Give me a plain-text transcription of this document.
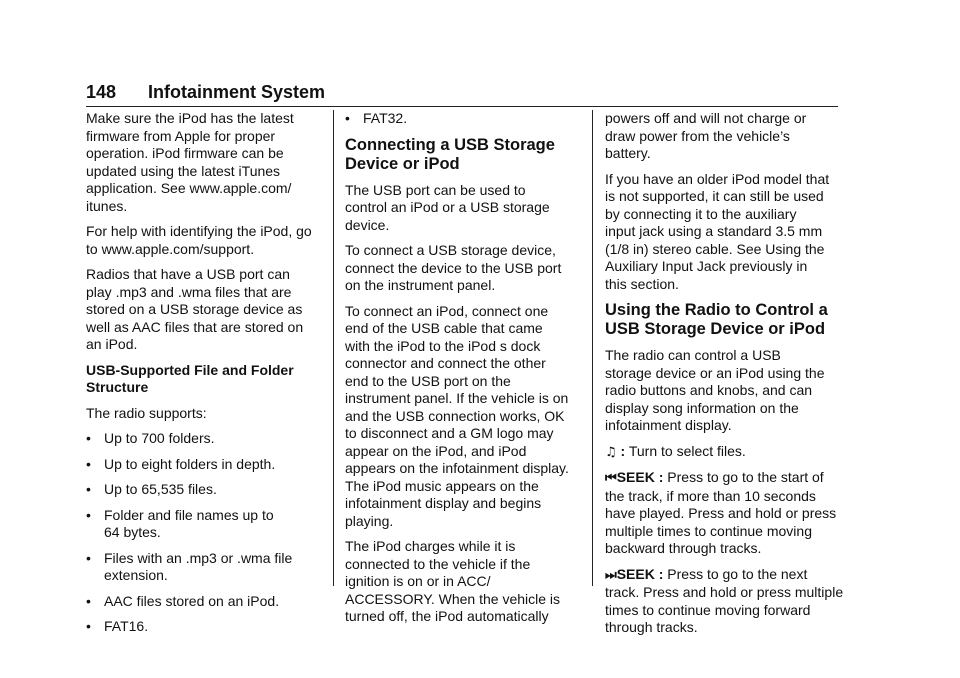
148 Infotainment System

Make sure the iPod has the latest
firmware from Apple for proper
operation. iPod firmware can be
updated using the latest iTunes
application. See www.apple.com/
itunes.

For help with identifying the iPod, go
to www.apple.com/support.

Radios that have a USB port can
play .mp3 and .wma files that are
stored on a USB storage device as
well as AAC files that are stored on
an iPod.

USB-Supported File and Folder
Structure

The radio supports:

• Up to 700 folders.
• Up to eight folders in depth.
• Up to 65,535 files.
• Folder and file names up to
64 bytes.
• Files with an .mp3 or .wma file
extension.
• AAC files stored on an iPod.
• FAT16.
• FAT32.
Connecting a USB Storage
Device or iPod

The USB port can be used to
control an iPod or a USB storage
device.

To connect a USB storage device,
connect the device to the USB port
on the instrument panel.

To connect an iPod, connect one
end of the USB cable that came
with the iPod to the iPod s dock
connector and connect the other
end to the USB port on the
instrument panel. If the vehicle is on
and the USB connection works, OK
to disconnect and a GM logo may
appear on the iPod, and iPod
appears on the infotainment display.
The iPod music appears on the
infotainment display and begins
playing.

The iPod charges while it is
connected to the vehicle if the
ignition is on or in ACC/
ACCESSORY. When the vehicle is
turned off, the iPod automatically

powers off and will not charge or
draw power from the vehicle’s
battery.

If you have an older iPod model that
is not supported, it can still be used
by connecting it to the auxiliary
input jack using a standard 3.5 mm
(1/8 in) stereo cable. See Using the
Auxiliary Input Jack previously in
this section.

Using the Radio to Control a
USB Storage Device or iPod

The radio can control a USB
storage device or an iPod using the
radio buttons and knobs, and can
display song information on the
infotainment display.

♫ : Turn to select files.
⏮SEEK : Press to go to the start of the track, if more than 10 seconds have played. Press and hold or press multiple times to continue moving backward through tracks.
⏭SEEK : Press to go to the next track. Press and hold or press multiple times to continue moving forward through tracks.
